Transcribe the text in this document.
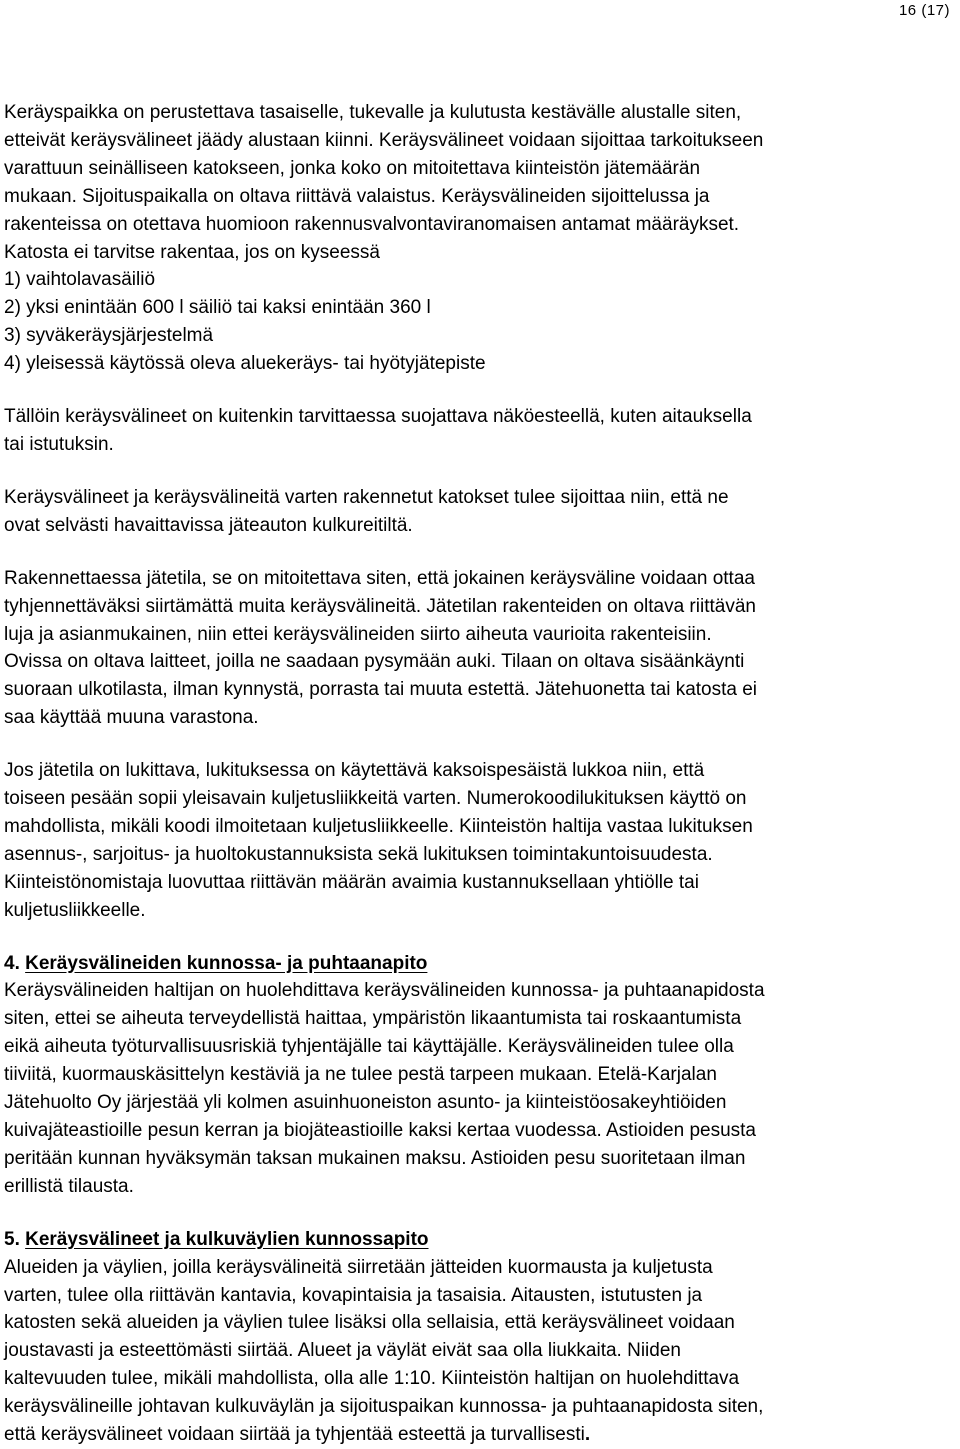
16 (17)

Keräyspaikka on perustettava tasaiselle, tukevalle ja kulutusta kestävälle alustalle siten,

etteivät keräysvälineet jäädy alustaan kiinni. Keräysvälineet voidaan sijoittaa tarkoitukseen

varattuun seinälliseen katokseen, jonka koko on mitoitettava kiinteistön jätemäärän

mukaan. Sijoituspaikalla on oltava riittävä valaistus. Keräysvälineiden sijoittelussa ja

rakenteissa on otettava huomioon rakennusvalvontaviranomaisen antamat määräykset.

Katosta ei tarvitse rakentaa, jos on kyseessä

1) vaihtolavasäiliö

2) yksi enintään 600 l säiliö tai kaksi enintään 360 l

3) syväkeräysjärjestelmä

4) yleisessä käytössä oleva aluekeräys- tai hyötyjätepiste

Tällöin keräysvälineet on kuitenkin tarvittaessa suojattava näköesteellä, kuten aitauksella

tai istutuksin.

Keräysvälineet ja keräysvälineitä varten rakennetut katokset tulee sijoittaa niin, että ne

ovat selvästi havaittavissa jäteauton kulkureitiltä.

Rakennettaessa jätetila, se on mitoitettava siten, että jokainen keräysväline voidaan ottaa

tyhjennettäväksi siirtämättä muita keräysvälineitä. Jätetilan rakenteiden on oltava riittävän

luja ja asianmukainen, niin ettei keräysvälineiden siirto aiheuta vaurioita rakenteisiin.

Ovissa on oltava laitteet, joilla ne saadaan pysymään auki. Tilaan on oltava sisäänkäynti

suoraan ulkotilasta, ilman kynnystä, porrasta tai muuta estettä. Jätehuonetta tai katosta ei

saa käyttää muuna varastona.

Jos jätetila on lukittava, lukituksessa on käytettävä kaksoispesäistä lukkoa niin, että

toiseen pesään sopii yleisavain kuljetusliikkeitä varten. Numerokoodilukituksen käyttö on

mahdollista, mikäli koodi ilmoitetaan kuljetusliikkeelle. Kiinteistön haltija vastaa lukituksen

asennus-, sarjoitus- ja huoltokustannuksista sekä lukituksen toimintakuntoisuudesta.

Kiinteistönomistaja luovuttaa riittävän määrän avaimia kustannuksellaan yhtiölle tai

kuljetusliikkeelle.

4. Keräysvälineiden kunnossa- ja puhtaanapito

Keräysvälineiden haltijan on huolehdittava keräysvälineiden kunnossa- ja puhtaanapidosta

siten, ettei se aiheuta terveydellistä haittaa, ympäristön likaantumista tai roskaantumista

eikä aiheuta työturvallisuusriskiä tyhjentäjälle tai käyttäjälle. Keräysvälineiden tulee olla

tiiviitä, kuormauskäsittelyn kestäviä ja ne tulee pestä tarpeen mukaan. Etelä-Karjalan

Jätehuolto Oy järjestää yli kolmen asuinhuoneiston asunto- ja kiinteistöosakeyhtiöiden

kuivajäteastioille pesun kerran ja biojäteastioille kaksi kertaa vuodessa. Astioiden pesusta

peritään kunnan hyväksymän taksan mukainen maksu. Astioiden pesu suoritetaan ilman

erillistä tilausta.

5. Keräysvälineet ja kulkuväylien kunnossapito

Alueiden ja väylien, joilla keräysvälineitä siirretään jätteiden kuormausta ja kuljetusta

varten, tulee olla riittävän kantavia, kovapintaisia ja tasaisia. Aitausten, istutusten ja

katosten sekä alueiden ja väylien tulee lisäksi olla sellaisia, että keräysvälineet voidaan

joustavasti ja esteettömästi siirtää. Alueet ja väylät eivät saa olla liukkaita. Niiden

kaltevuuden tulee, mikäli mahdollista, olla alle 1:10. Kiinteistön haltijan on huolehdittava

keräysvälineille johtavan kulkuväylän ja sijoituspaikan kunnossa- ja puhtaanapidosta siten,

että keräysvälineet voidaan siirtää ja tyhjentää esteettä ja turvallisesti.
